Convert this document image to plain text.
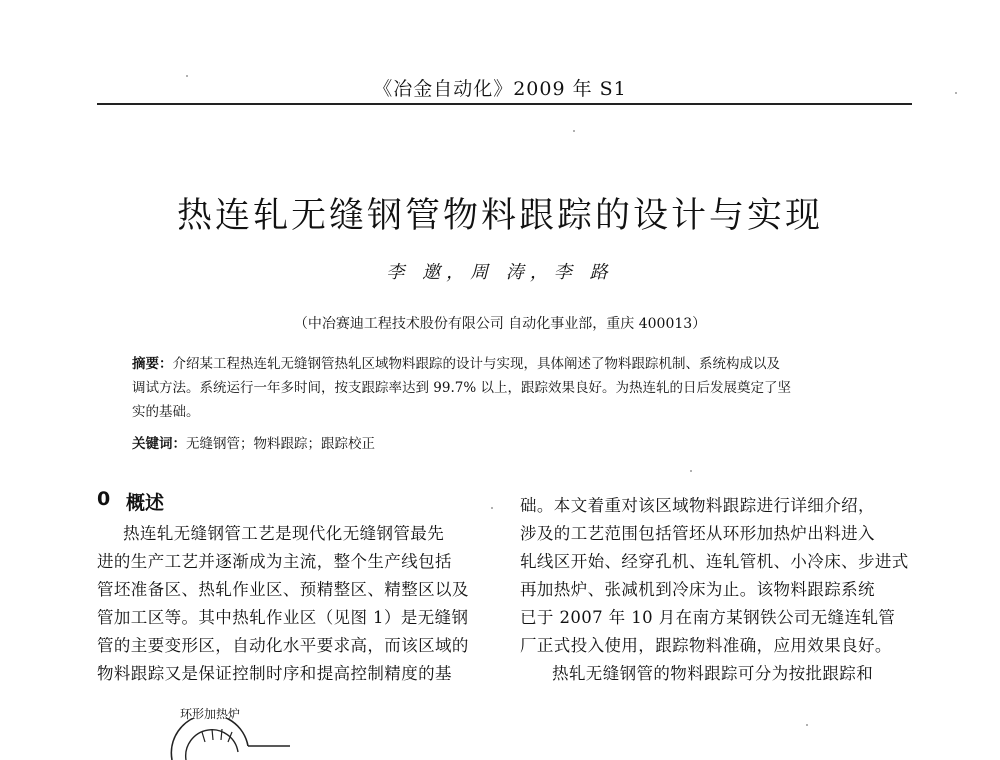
《冶金自动化》2009 年 S1
热连轧无缝钢管物料跟踪的设计与实现
李 邀，周 涛，李 路
（中冶赛迪工程技术股份有限公司 自动化事业部，重庆 400013）
摘要：介绍某工程热连轧无缝钢管热轧区域物料跟踪的设计与实现，具体阐述了物料跟踪机制、系统构成以及
调试方法。系统运行一年多时间，按支跟踪率达到 99.7% 以上，跟踪效果良好。为热连轧的日后发展奠定了坚
实的基础。
关键词：无缝钢管；物料跟踪；跟踪校正
0 概述
热连轧无缝钢管工艺是现代化无缝钢管最先
进的生产工艺并逐渐成为主流，整个生产线包括
管坯准备区、热轧作业区、预精整区、精整区以及
管加工区等。其中热轧作业区（见图 1）是无缝钢
管的主要变形区，自动化水平要求高，而该区域的
物料跟踪又是保证控制时序和提高控制精度的基
础。本文着重对该区域物料跟踪进行详细介绍，
涉及的工艺范围包括管坯从环形加热炉出料进入
轧线区开始、经穿孔机、连轧管机、小冷床、步进式
再加热炉、张减机到冷床为止。该物料跟踪系统
已于 2007 年 10 月在南方某钢铁公司无缝连轧管
厂正式投入使用，跟踪物料准确，应用效果良好。
热轧无缝钢管的物料跟踪可分为按批跟踪和
环形加热炉
